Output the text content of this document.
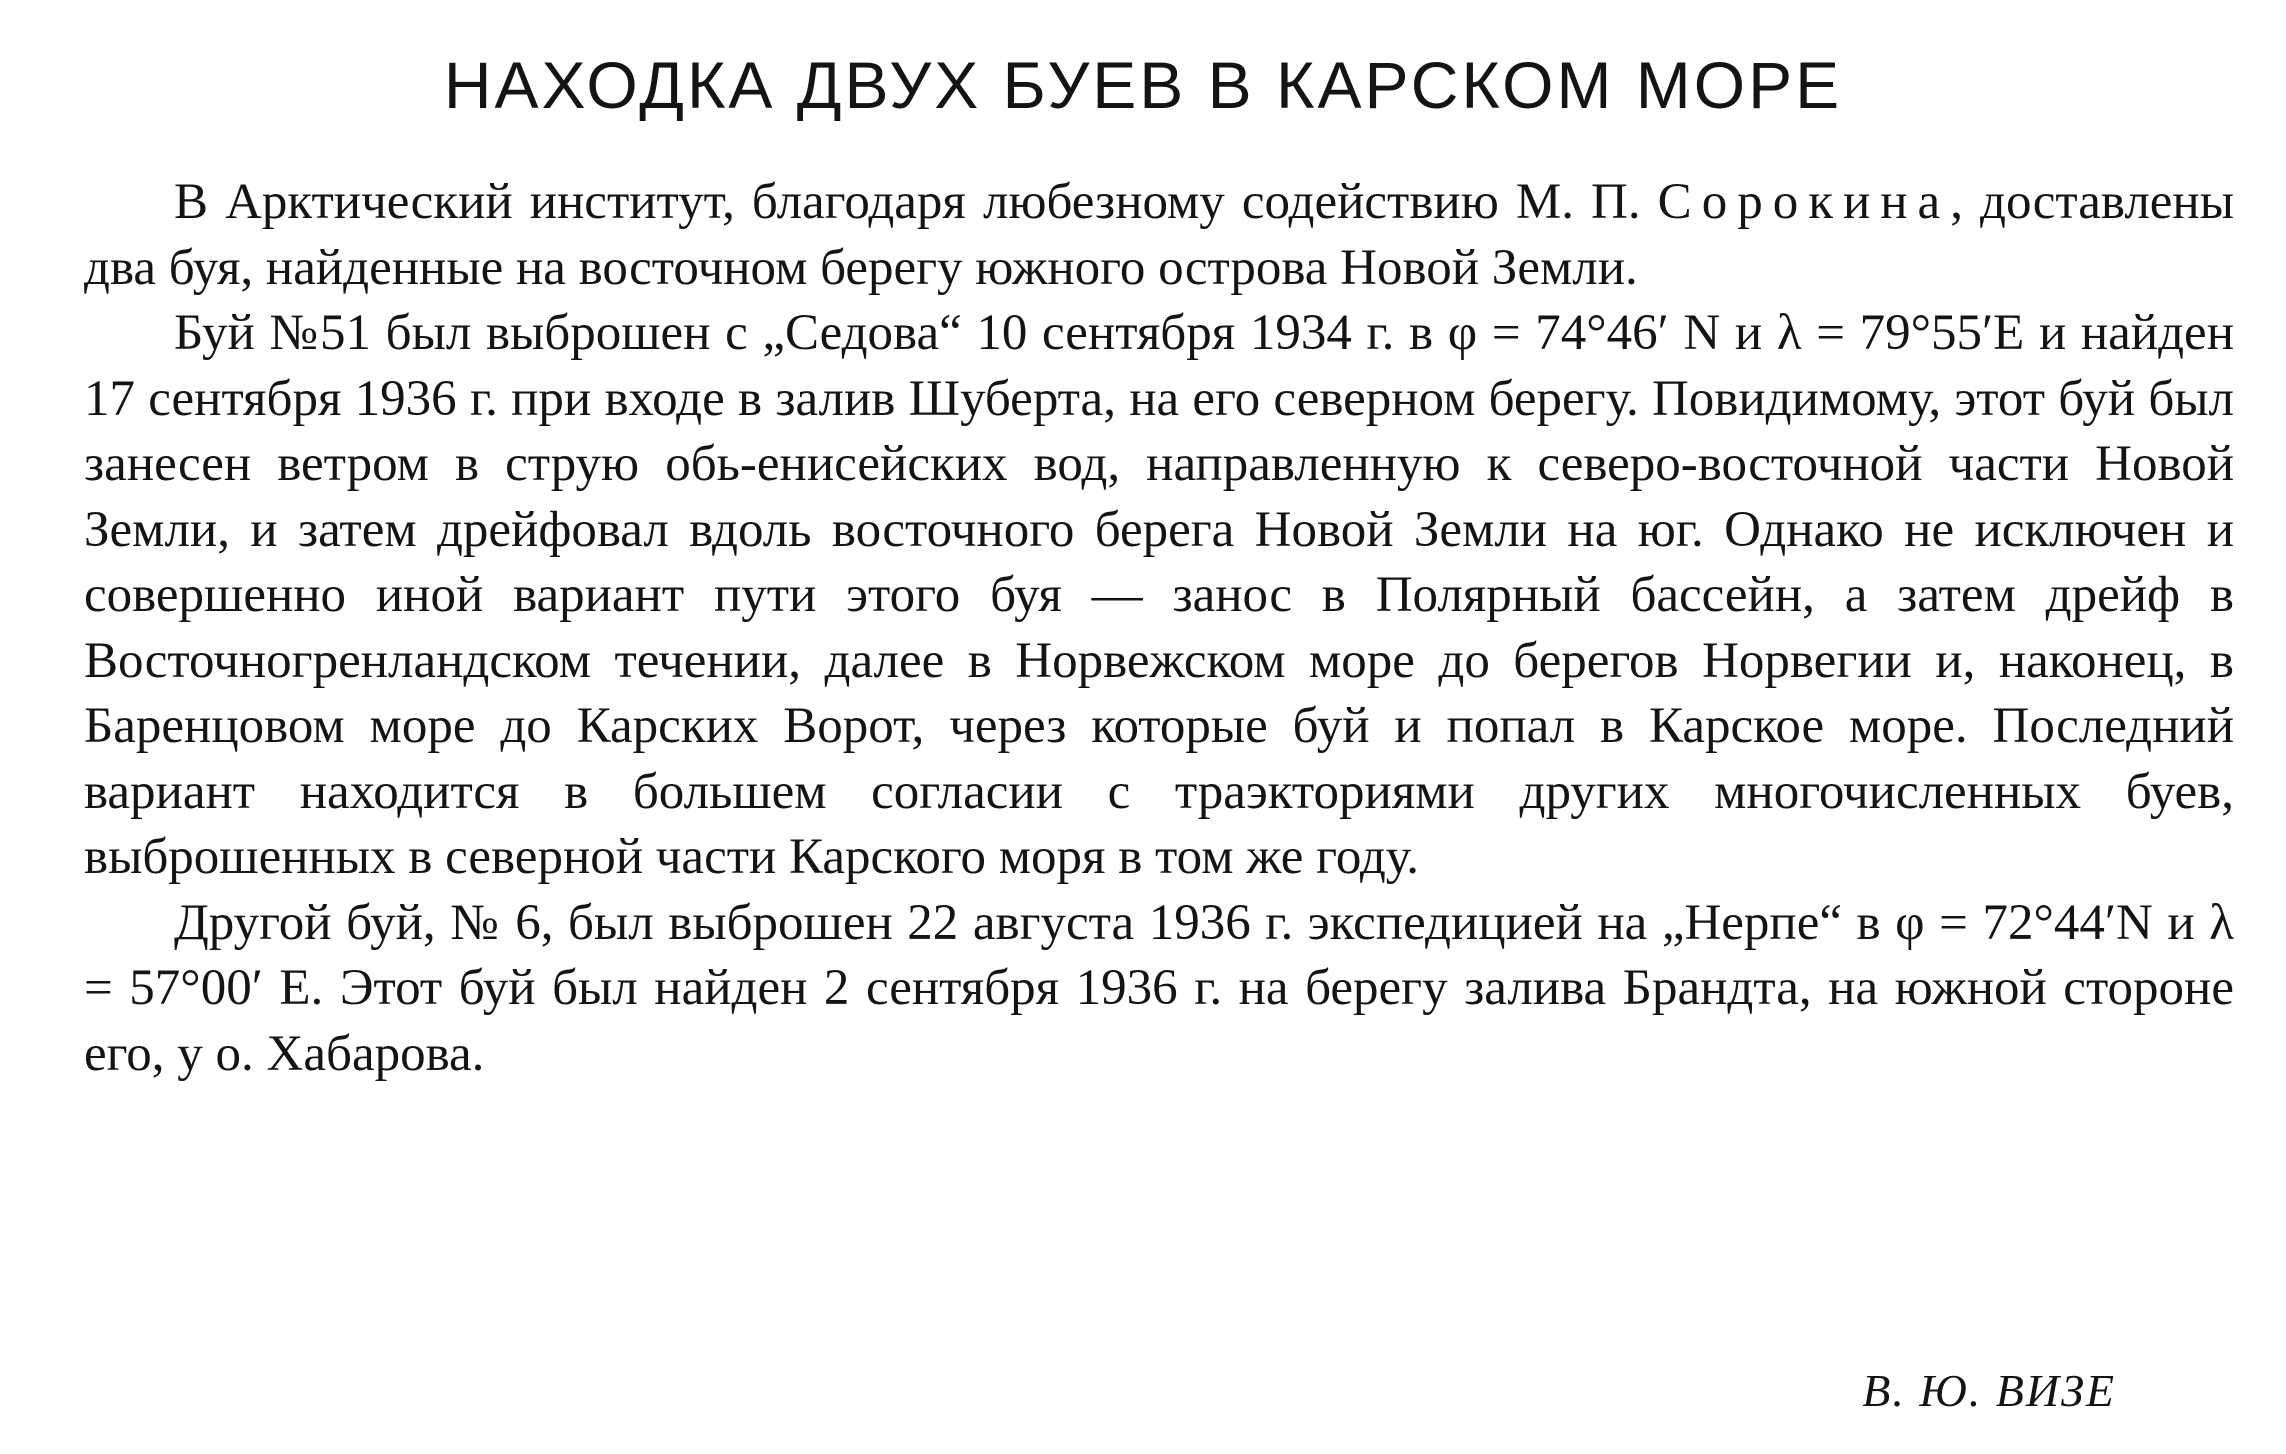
НАХОДКА ДВУХ БУЕВ В КАРСКОМ МОРЕ

В Арктический институт, благодаря любезному содействию М. П. Сорокина, доставлены два буя, найденные на восточном берегу южного острова Новой Земли.

Буй №51 был выброшен с „Седова“ 10 сентября 1934 г. в φ = 74°46′ N и λ = 79°55′E и найден 17 сентября 1936 г. при входе в залив Шуберта, на его северном берегу. Повидимому, этот буй был занесен ветром в струю обь-енисейских вод, направленную к северо-восточной части Новой Земли, и затем дрейфовал вдоль восточного берега Новой Земли на юг. Однако не исключен и совершенно иной вариант пути этого буя — занос в Полярный бассейн, а затем дрейф в Восточногренландском течении, далее в Норвежском море до берегов Норвегии и, наконец, в Баренцовом море до Карских Ворот, через которые буй и попал в Карское море. Последний вариант находится в большем согласии с траэкториями других многочисленных буев, выброшенных в северной части Карского моря в том же году.

Другой буй, № 6, был выброшен 22 августа 1936 г. экспедицией на „Нерпе“ в φ = 72°44′N и λ = 57°00′ E. Этот буй был найден 2 сентября 1936 г. на берегу залива Брандта, на южной стороне его, у о. Хабарова.

В. Ю. ВИЗЕ
